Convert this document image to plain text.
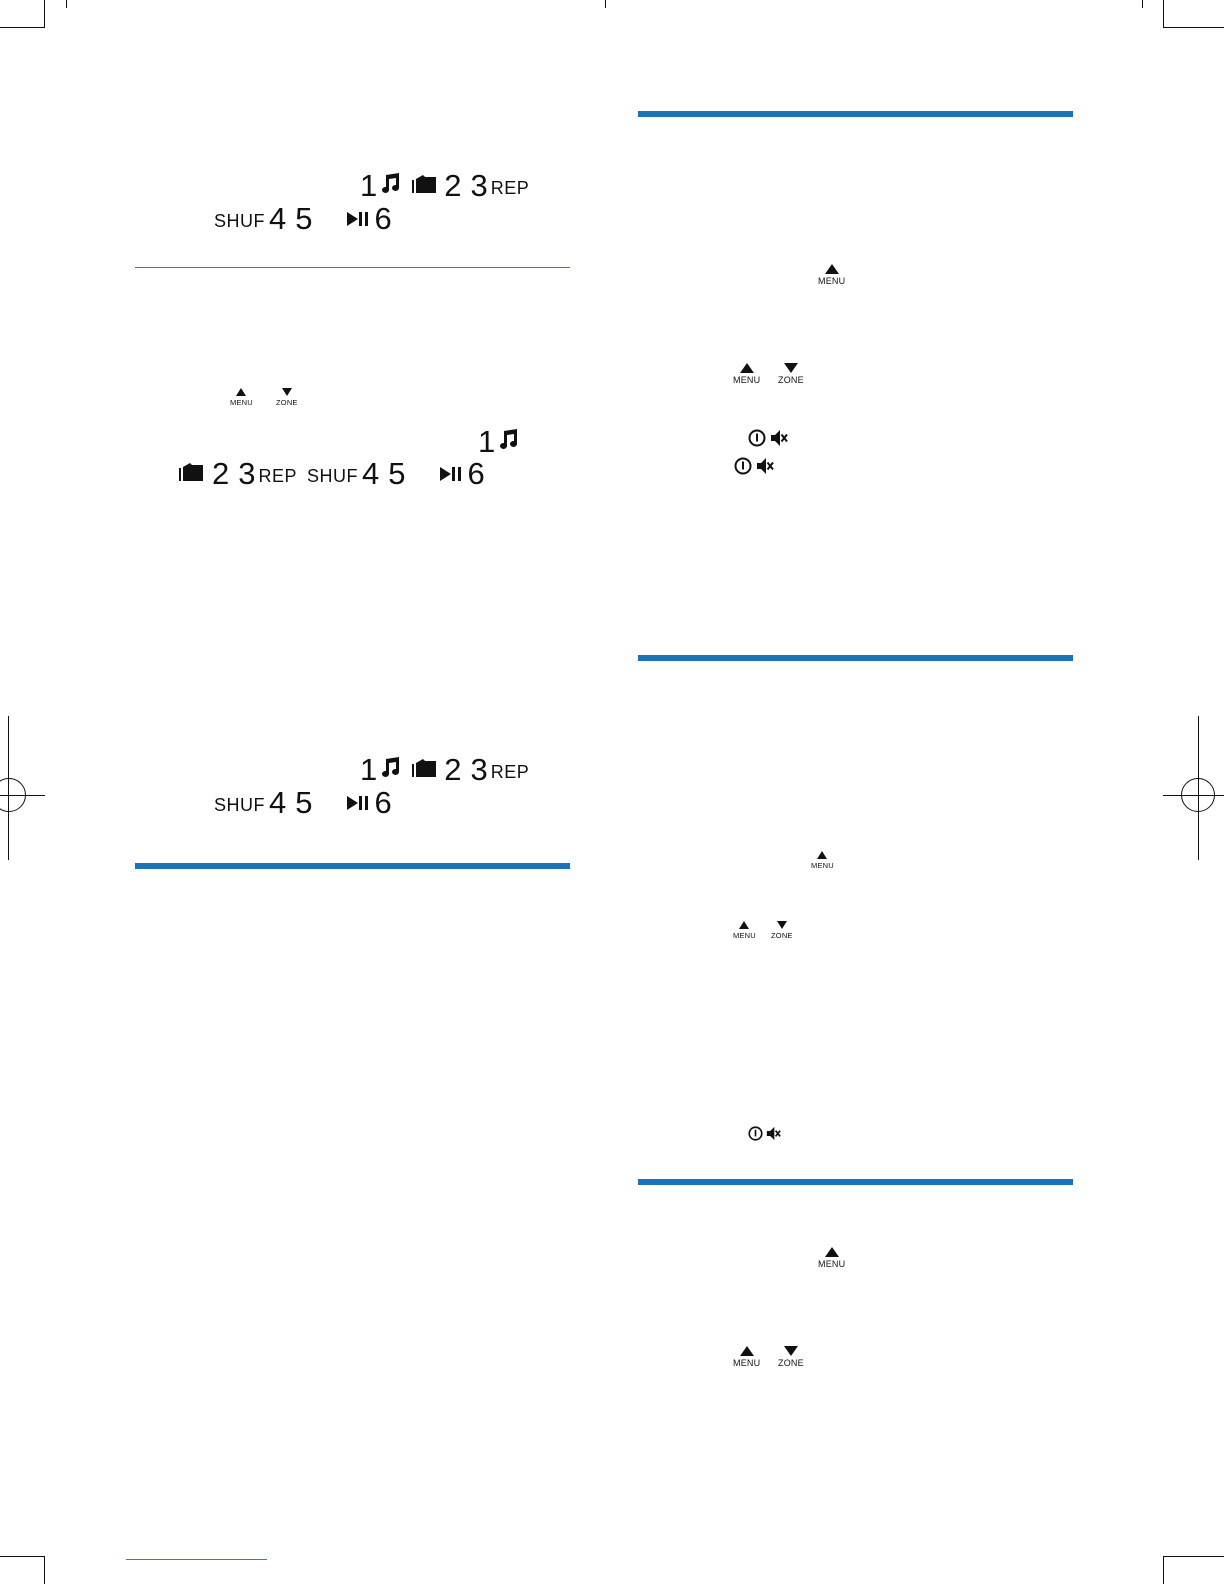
1 2 3 REP
SHUF 4 5 6
MENU	ZONE
1
2 3 REP SHUF 4 5 6
1 2 3 REP
SHUF 4 5 6
MENU
MENU ZONE
MENU
MENU ZONE
MENU
MENU ZONE
